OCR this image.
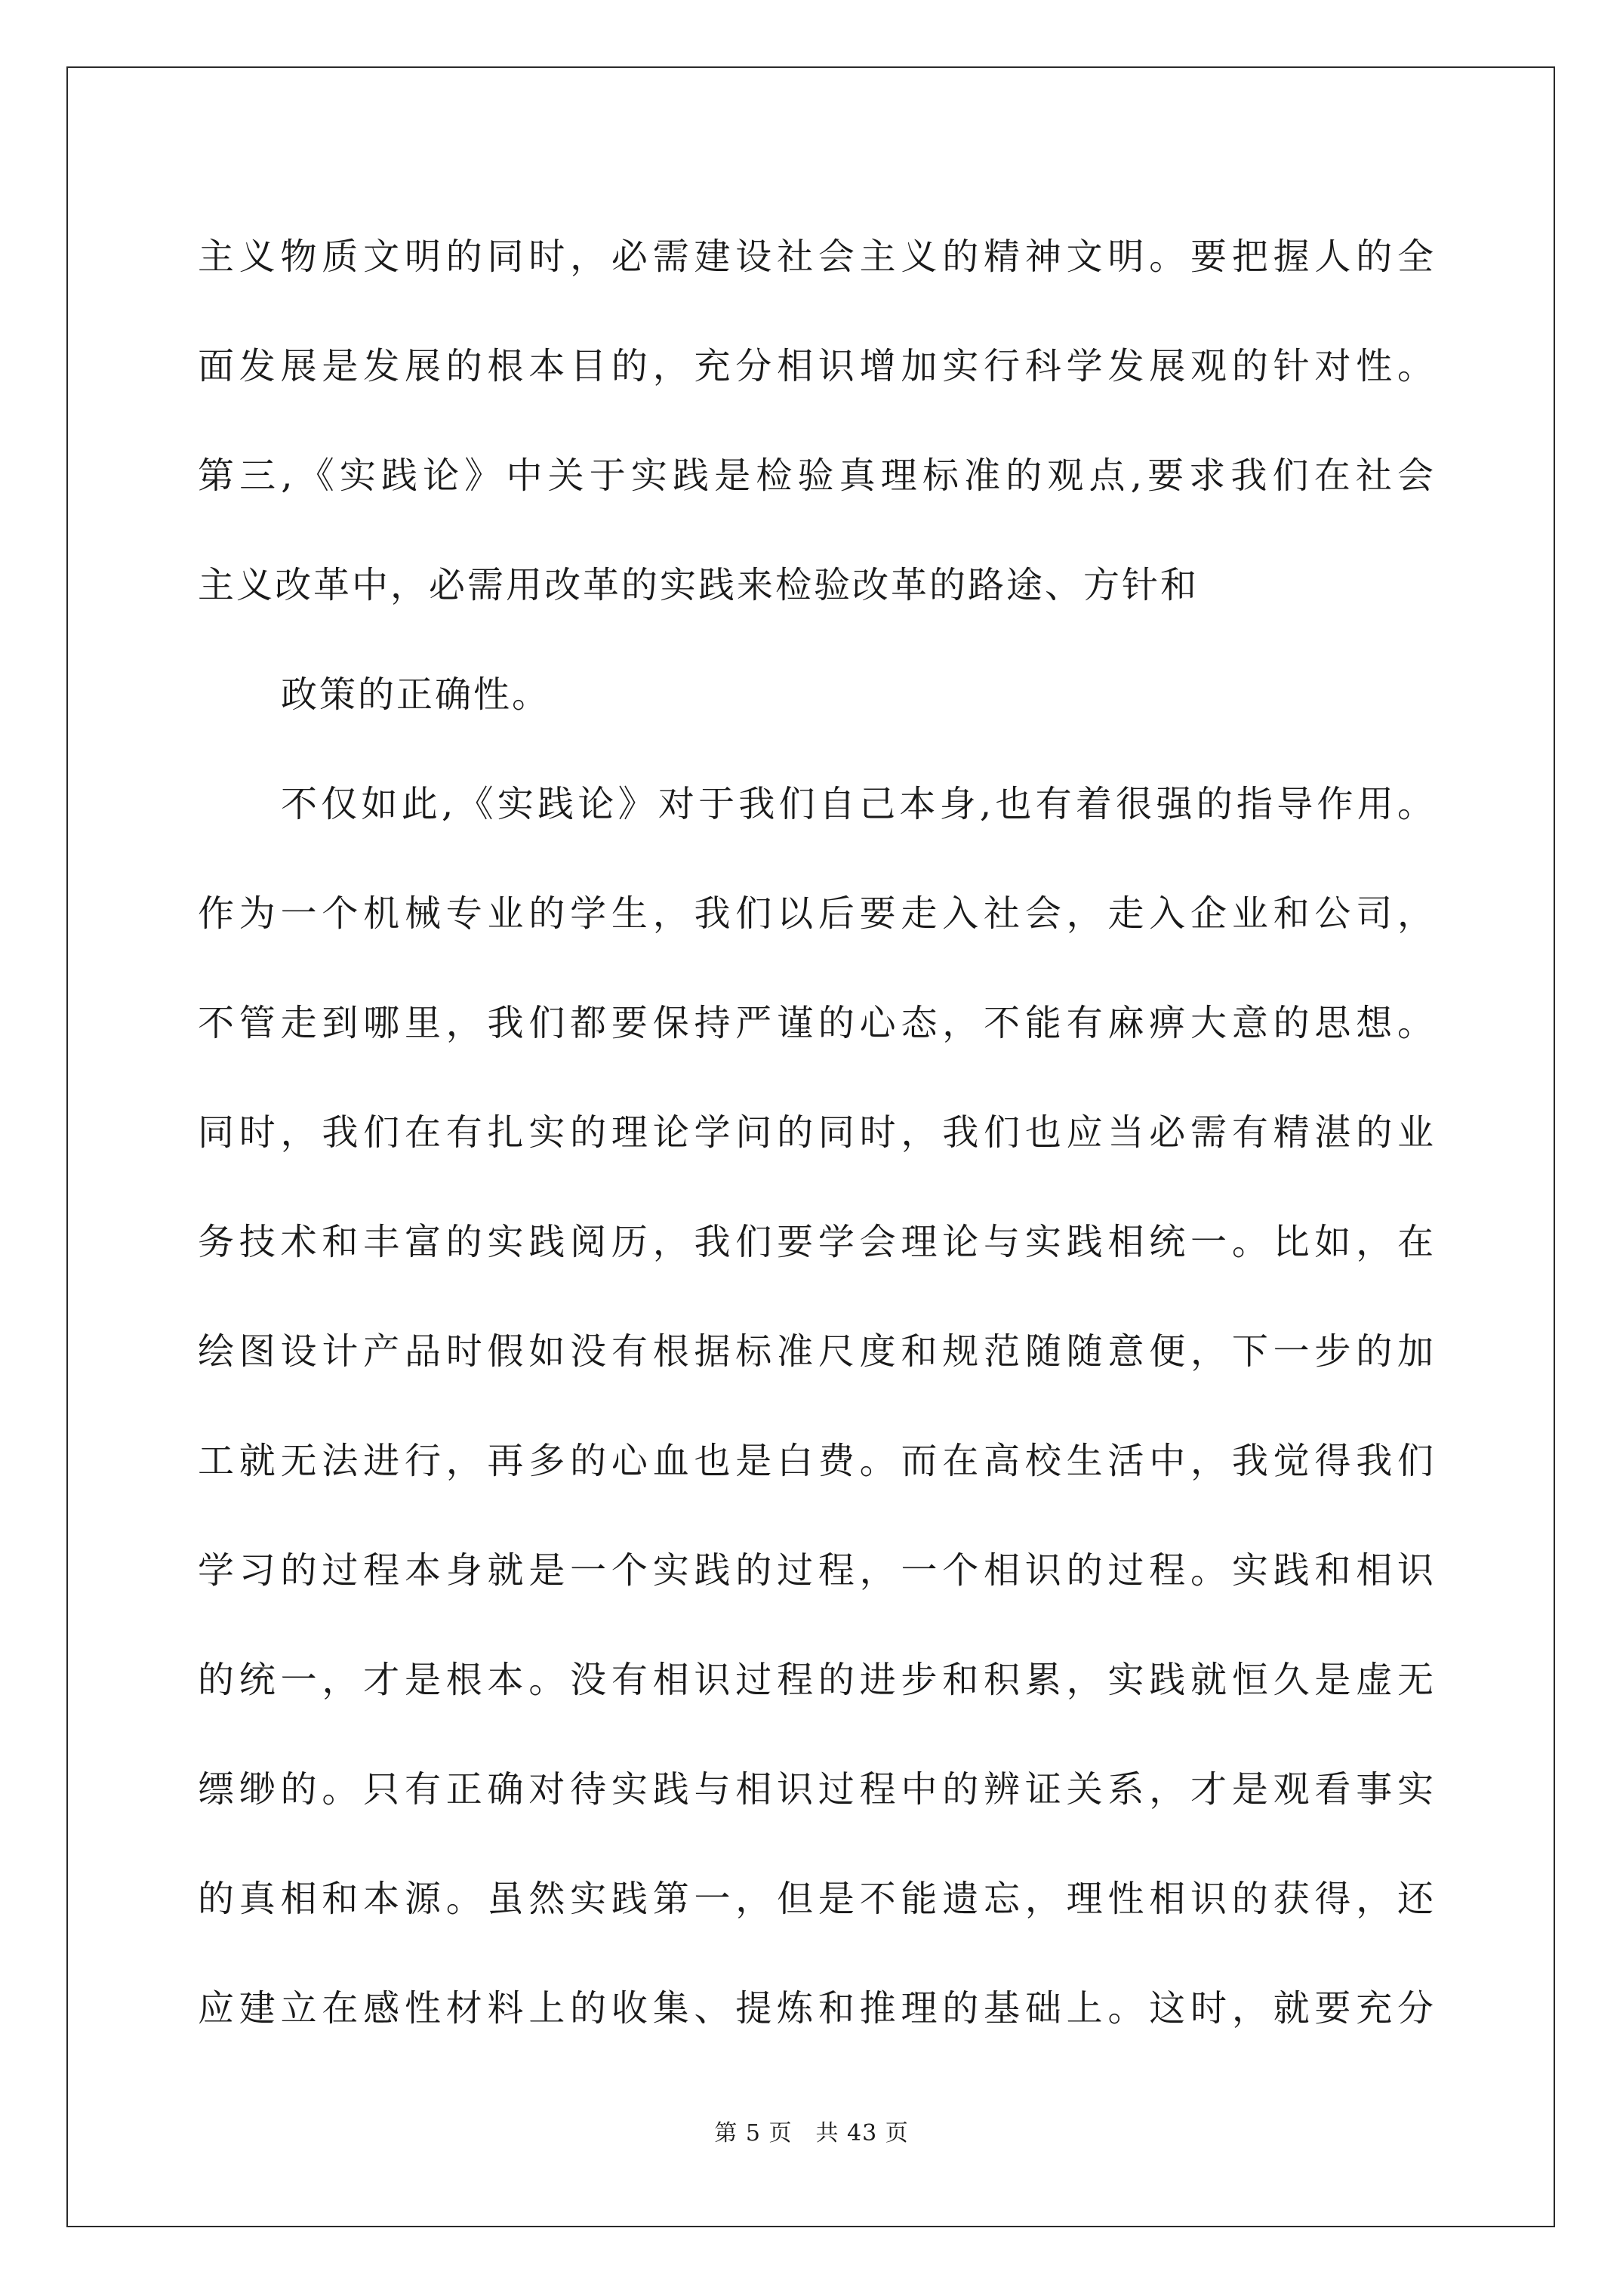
主义物质文明的同时，必需建设社会主义的精神文明。要把握人的全
面发展是发展的根本目的，充分相识增加实行科学发展观的针对性。
第三,《实践论》中关于实践是检验真理标准的观点,要求我们在社会
主义改革中，必需用改革的实践来检验改革的路途、方针和
政策的正确性。
不仅如此,《实践论》对于我们自己本身,也有着很强的指导作用。
作为一个机械专业的学生，我们以后要走入社会，走入企业和公司，
不管走到哪里，我们都要保持严谨的心态，不能有麻痹大意的思想。
同时，我们在有扎实的理论学问的同时，我们也应当必需有精湛的业
务技术和丰富的实践阅历，我们要学会理论与实践相统一。比如，在
绘图设计产品时假如没有根据标准尺度和规范随随意便，下一步的加
工就无法进行，再多的心血也是白费。而在高校生活中，我觉得我们
学习的过程本身就是一个实践的过程，一个相识的过程。实践和相识
的统一，才是根本。没有相识过程的进步和积累，实践就恒久是虚无
缥缈的。只有正确对待实践与相识过程中的辨证关系，才是观看事实
的真相和本源。虽然实践第一，但是不能遗忘，理性相识的获得，还
应建立在感性材料上的收集、提炼和推理的基础上。这时，就要充分
第 5 页　共 43 页
